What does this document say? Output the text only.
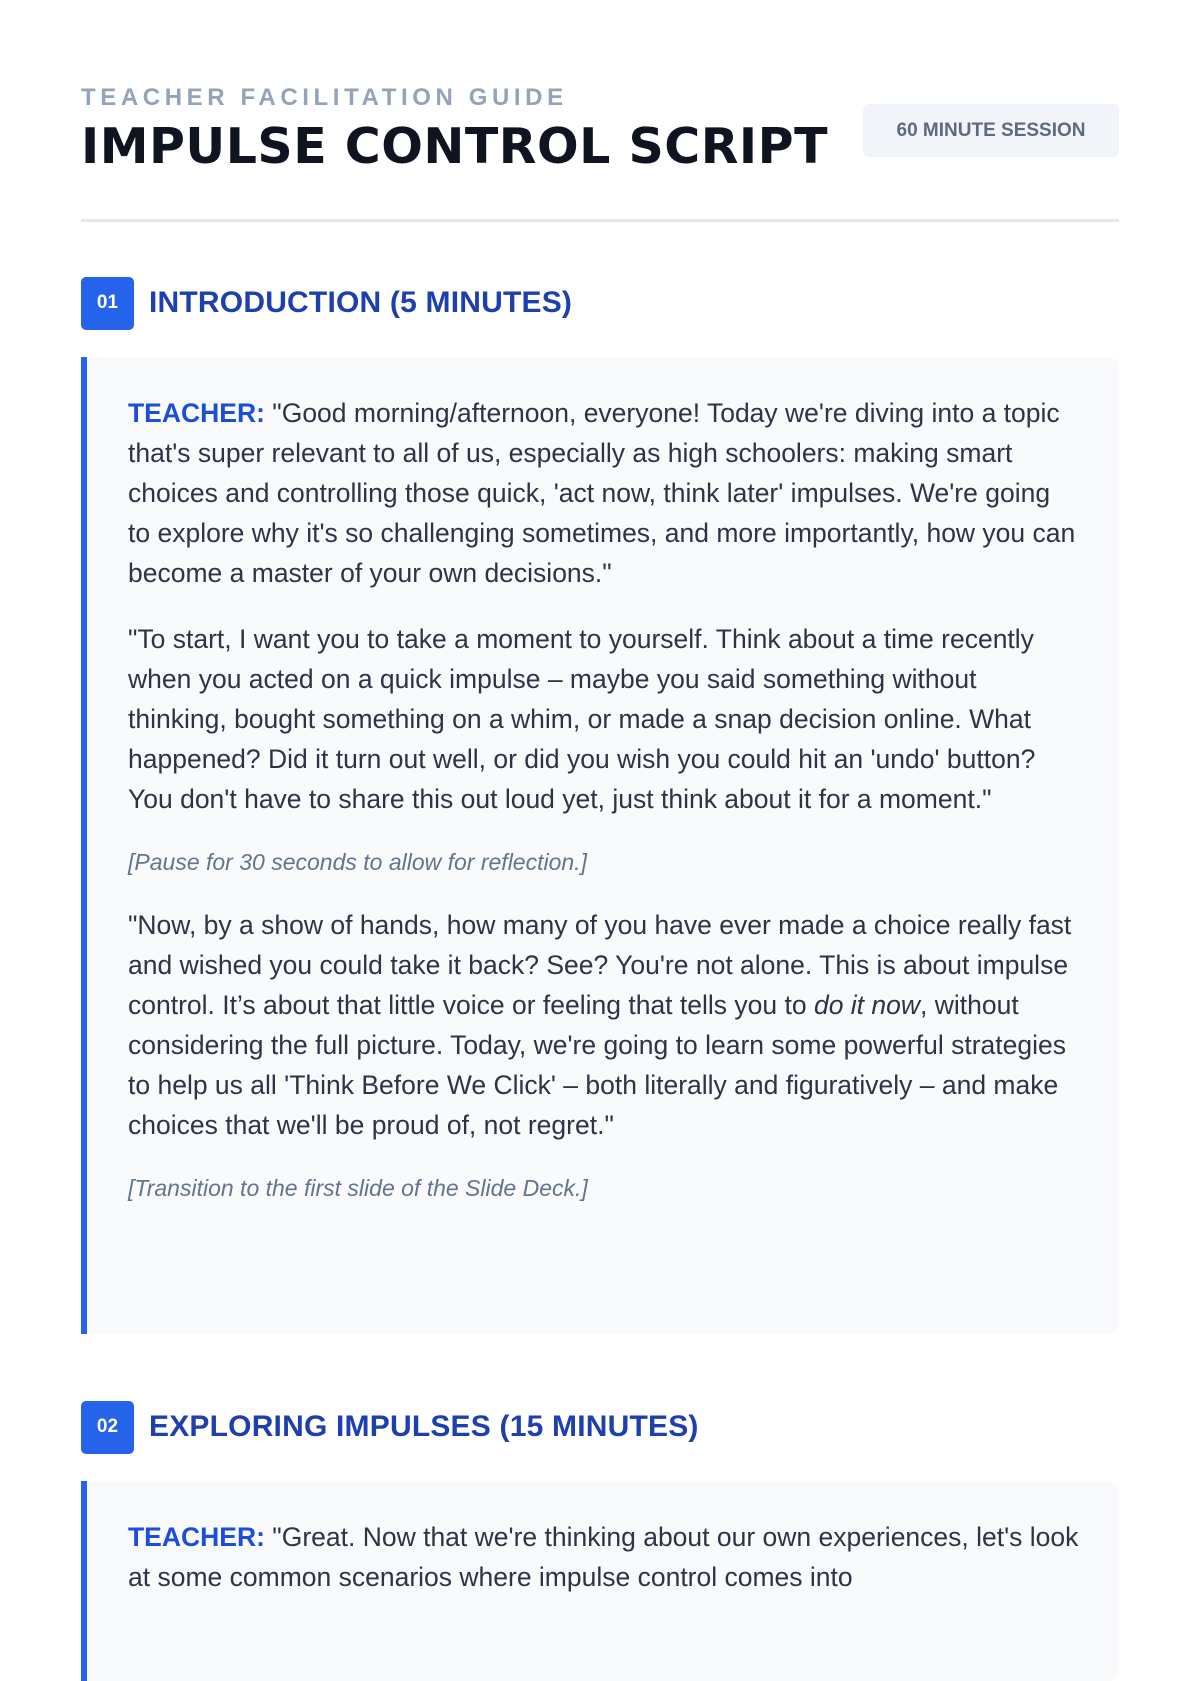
TEACHER FACILITATION GUIDE
IMPULSE CONTROL SCRIPT	60 MINUTE SESSION
01	INTRODUCTION (5 MINUTES)

TEACHER: "Good morning/afternoon, everyone! Today we're diving into a topic that's super relevant to all of us, especially as high schoolers: making smart choices and controlling those quick, 'act now, think later' impulses. We're going to explore why it's so challenging sometimes, and more importantly, how you can become a master of your own decisions."

"To start, I want you to take a moment to yourself. Think about a time recently when you acted on a quick impulse – maybe you said something without thinking, bought something on a whim, or made a snap decision online. What happened? Did it turn out well, or did you wish you could hit an 'undo' button? You don't have to share this out loud yet, just think about it for a moment."

[Pause for 30 seconds to allow for reflection.]

"Now, by a show of hands, how many of you have ever made a choice really fast and wished you could take it back? See? You're not alone. This is about impulse control. It’s about that little voice or feeling that tells you to do it now, without considering the full picture. Today, we're going to learn some powerful strategies to help us all 'Think Before We Click' – both literally and figuratively – and make choices that we'll be proud of, not regret."

[Transition to the first slide of the Slide Deck.]

02	EXPLORING IMPULSES (15 MINUTES)

TEACHER: "Great. Now that we're thinking about our own experiences, let's look at some common scenarios where impulse control comes into
